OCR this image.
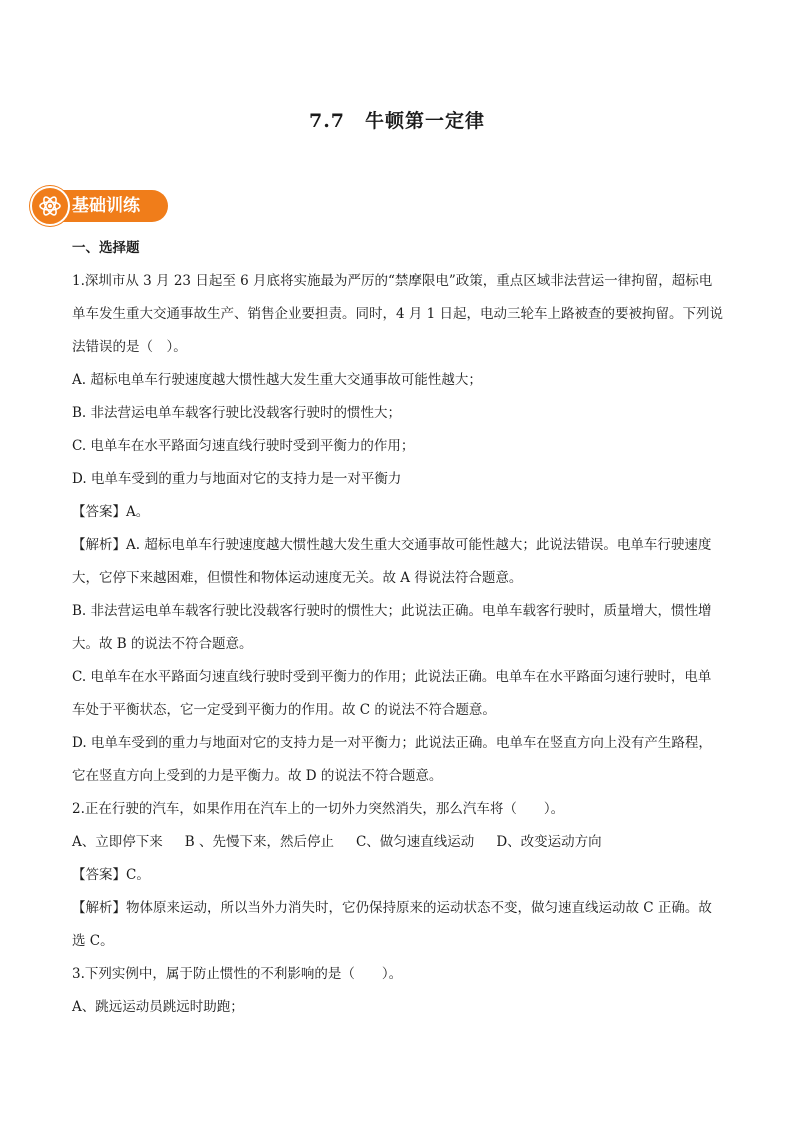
7.7　牛顿第一定律
基础训练

一、选择题

1.深圳市从 3 月 23 日起至 6 月底将实施最为严厉的“禁摩限电”政策，重点区域非法营运一律拘留，超标电单车发生重大交通事故生产、销售企业要担责。同时，4 月 1 日起，电动三轮车上路被查的要被拘留。下列说法错误的是（　）。

A. 超标电单车行驶速度越大惯性越大发生重大交通事故可能性越大；

B. 非法营运电单车载客行驶比没载客行驶时的惯性大；

C. 电单车在水平路面匀速直线行驶时受到平衡力的作用；

D. 电单车受到的重力与地面对它的支持力是一对平衡力

【答案】A。

【解析】A. 超标电单车行驶速度越大惯性越大发生重大交通事故可能性越大；此说法错误。电单车行驶速度大，它停下来越困难，但惯性和物体运动速度无关。故 A 得说法符合题意。

B. 非法营运电单车载客行驶比没载客行驶时的惯性大；此说法正确。电单车载客行驶时，质量增大，惯性增大。故 B 的说法不符合题意。

C. 电单车在水平路面匀速直线行驶时受到平衡力的作用；此说法正确。电单车在水平路面匀速行驶时，电单车处于平衡状态，它一定受到平衡力的作用。故 C 的说法不符合题意。

D. 电单车受到的重力与地面对它的支持力是一对平衡力；此说法正确。电单车在竖直方向上没有产生路程，它在竖直方向上受到的力是平衡力。故 D 的说法不符合题意。

2.正在行驶的汽车，如果作用在汽车上的一切外力突然消失，那么汽车将（　　）。

A、立即停下来 B 、先慢下来，然后停止 C、做匀速直线运动 D、改变运动方向

【答案】C。

【解析】物体原来运动，所以当外力消失时，它仍保持原来的运动状态不变，做匀速直线运动故 C 正确。故选 C。

3.下列实例中，属于防止惯性的不利影响的是（　　）。

A、跳远运动员跳远时助跑；
